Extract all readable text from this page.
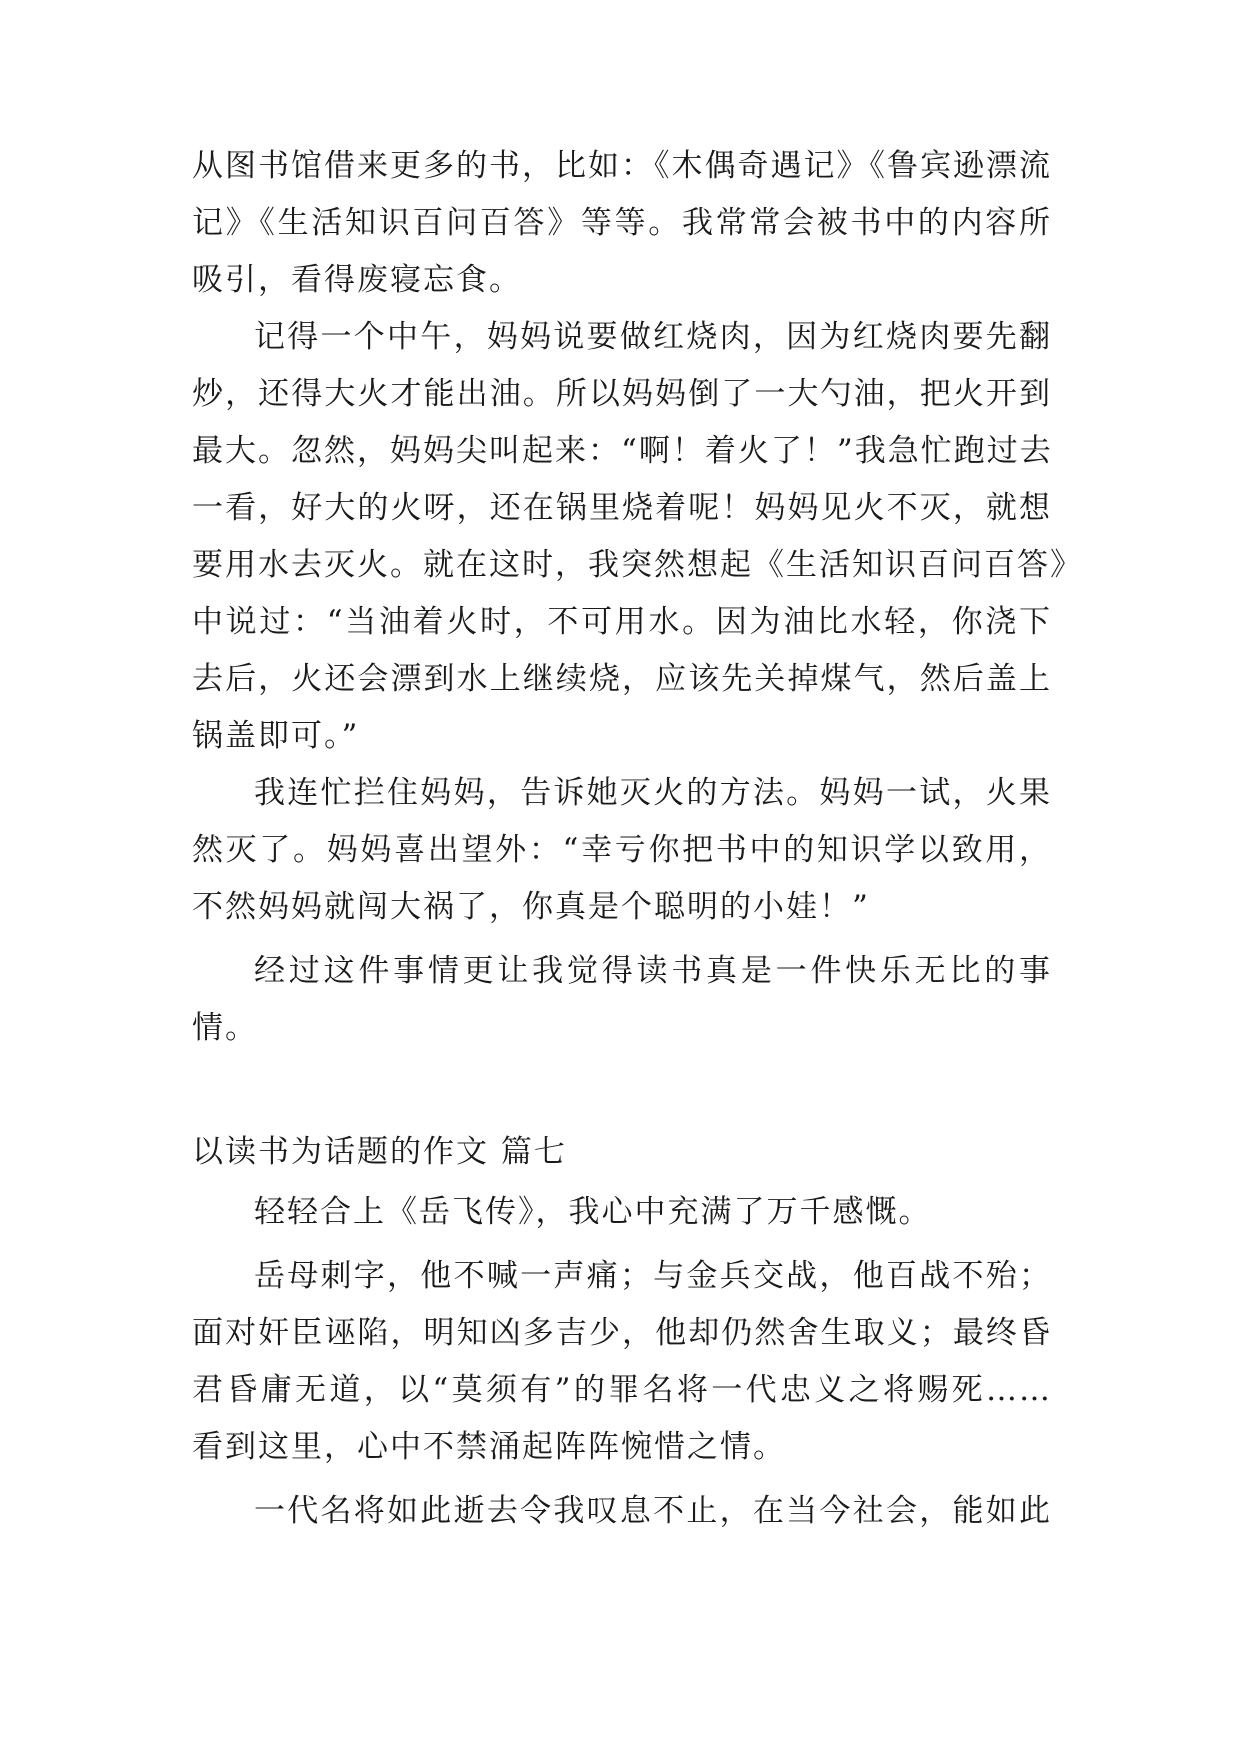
从图书馆借来更多的书，比如：《木偶奇遇记》《鲁宾逊漂流
记》《生活知识百问百答》等等。我常常会被书中的内容所
吸引，看得废寝忘食。
记得一个中午，妈妈说要做红烧肉，因为红烧肉要先翻
炒，还得大火才能出油。所以妈妈倒了一大勺油，把火开到
最大。忽然，妈妈尖叫起来：“啊！着火了！”我急忙跑过去
一看，好大的火呀，还在锅里烧着呢！妈妈见火不灭，就想
要用水去灭火。就在这时，我突然想起《生活知识百问百答》
中说过：“当油着火时，不可用水。因为油比水轻，你浇下
去后，火还会漂到水上继续烧，应该先关掉煤气，然后盖上
锅盖即可。”
我连忙拦住妈妈，告诉她灭火的方法。妈妈一试，火果
然灭了。妈妈喜出望外：“幸亏你把书中的知识学以致用，
不然妈妈就闯大祸了，你真是个聪明的小娃！”
经过这件事情更让我觉得读书真是一件快乐无比的事
情。
以读书为话题的作文 篇七
轻轻合上《岳飞传》，我心中充满了万千感慨。
岳母刺字，他不喊一声痛；与金兵交战，他百战不殆；
面对奸臣诬陷，明知凶多吉少，他却仍然舍生取义；最终昏
君昏庸无道，以“莫须有”的罪名将一代忠义之将赐死……
看到这里，心中不禁涌起阵阵惋惜之情。
一代名将如此逝去令我叹息不止，在当今社会，能如此
